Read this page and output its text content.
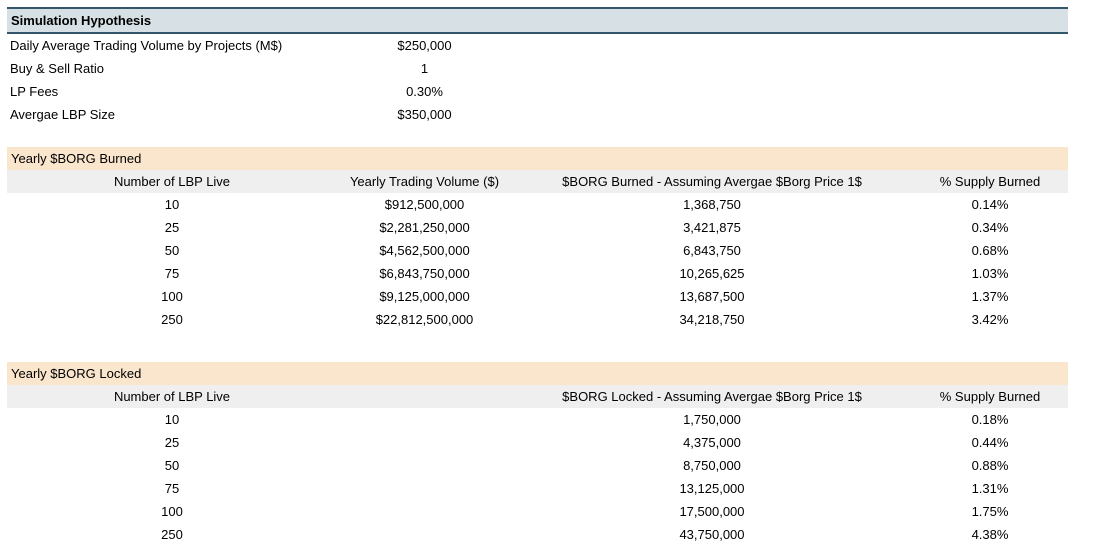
Simulation Hypothesis
Daily Average Trading Volume by Projects (M$)	$250,000		
Buy & Sell Ratio	1		
LP Fees	0.30%		
Avergae LBP Size	$350,000		
Yearly $BORG Burned
Number of LBP Live	Yearly Trading Volume ($)	$BORG Burned - Assuming Avergae $Borg Price 1$	% Supply Burned
10	$912,500,000	1,368,750	0.14%
25	$2,281,250,000	3,421,875	0.34%
50	$4,562,500,000	6,843,750	0.68%
75	$6,843,750,000	10,265,625	1.03%
100	$9,125,000,000	13,687,500	1.37%
250	$22,812,500,000	34,218,750	3.42%
Yearly $BORG Locked
Number of LBP Live		$BORG Locked - Assuming Avergae $Borg Price 1$	% Supply Burned
10		1,750,000	0.18%
25		4,375,000	0.44%
50		8,750,000	0.88%
75		13,125,000	1.31%
100		17,500,000	1.75%
250		43,750,000	4.38%
